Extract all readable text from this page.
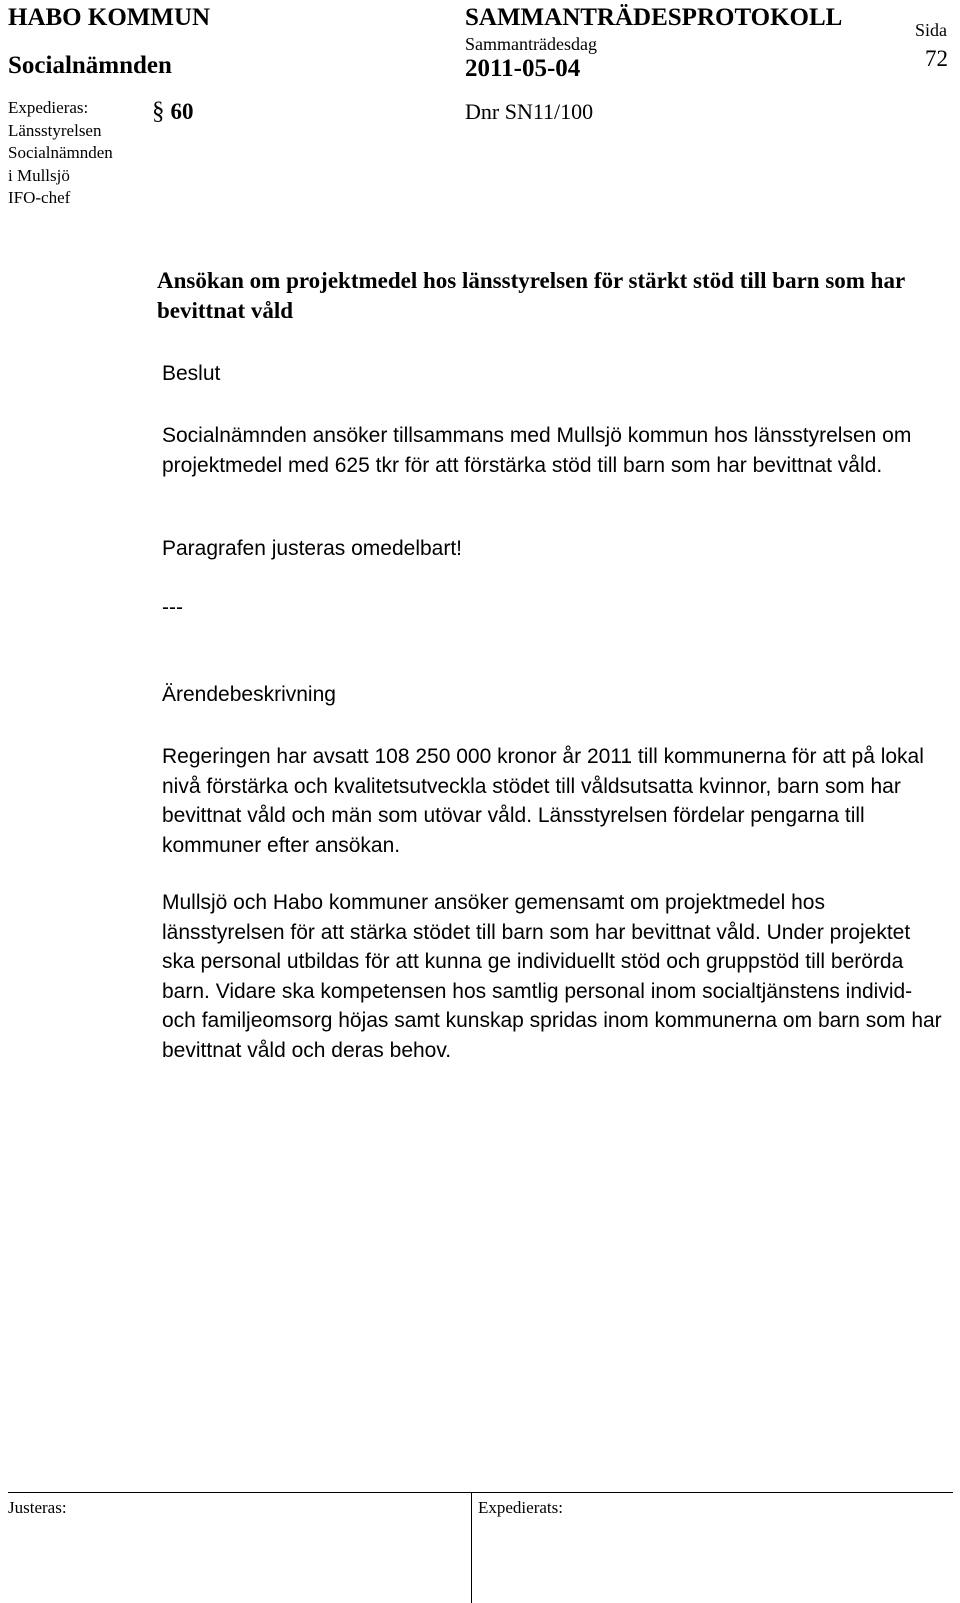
HABO KOMMUN
Socialnämnden
SAMMANTRÄDESPROTOKOLL
Sammanträdesdag
2011-05-04
Sida
72
Expedieras:
Länsstyrelsen
Socialnämnden
i Mullsjö
IFO-chef
§ 60	Dnr SN11/100
Ansökan om projektmedel hos länsstyrelsen för stärkt stöd till barn som har bevittnat våld
Beslut
Socialnämnden ansöker tillsammans med Mullsjö kommun hos länsstyrelsen om projektmedel med 625 tkr för att förstärka stöd till barn som har bevittnat våld.
Paragrafen justeras omedelbart!
---
Ärendebeskrivning
Regeringen har avsatt 108 250 000 kronor år 2011 till kommunerna för att på lokal nivå förstärka och kvalitetsutveckla stödet till våldsutsatta kvinnor, barn som har bevittnat våld och män som utövar våld. Länsstyrelsen fördelar pengarna till kommuner efter ansökan.
Mullsjö och Habo kommuner ansöker gemensamt om projektmedel hos länsstyrelsen för att stärka stödet till barn som har bevittnat våld. Under projektet ska personal utbildas för att kunna ge individuellt stöd och gruppstöd till berörda barn. Vidare ska kompetensen hos samtlig personal inom socialtjänstens individ- och familjeomsorg höjas samt kunskap spridas inom kommunerna om barn som har bevittnat våld och deras behov.
Justeras:	Expedierats:
